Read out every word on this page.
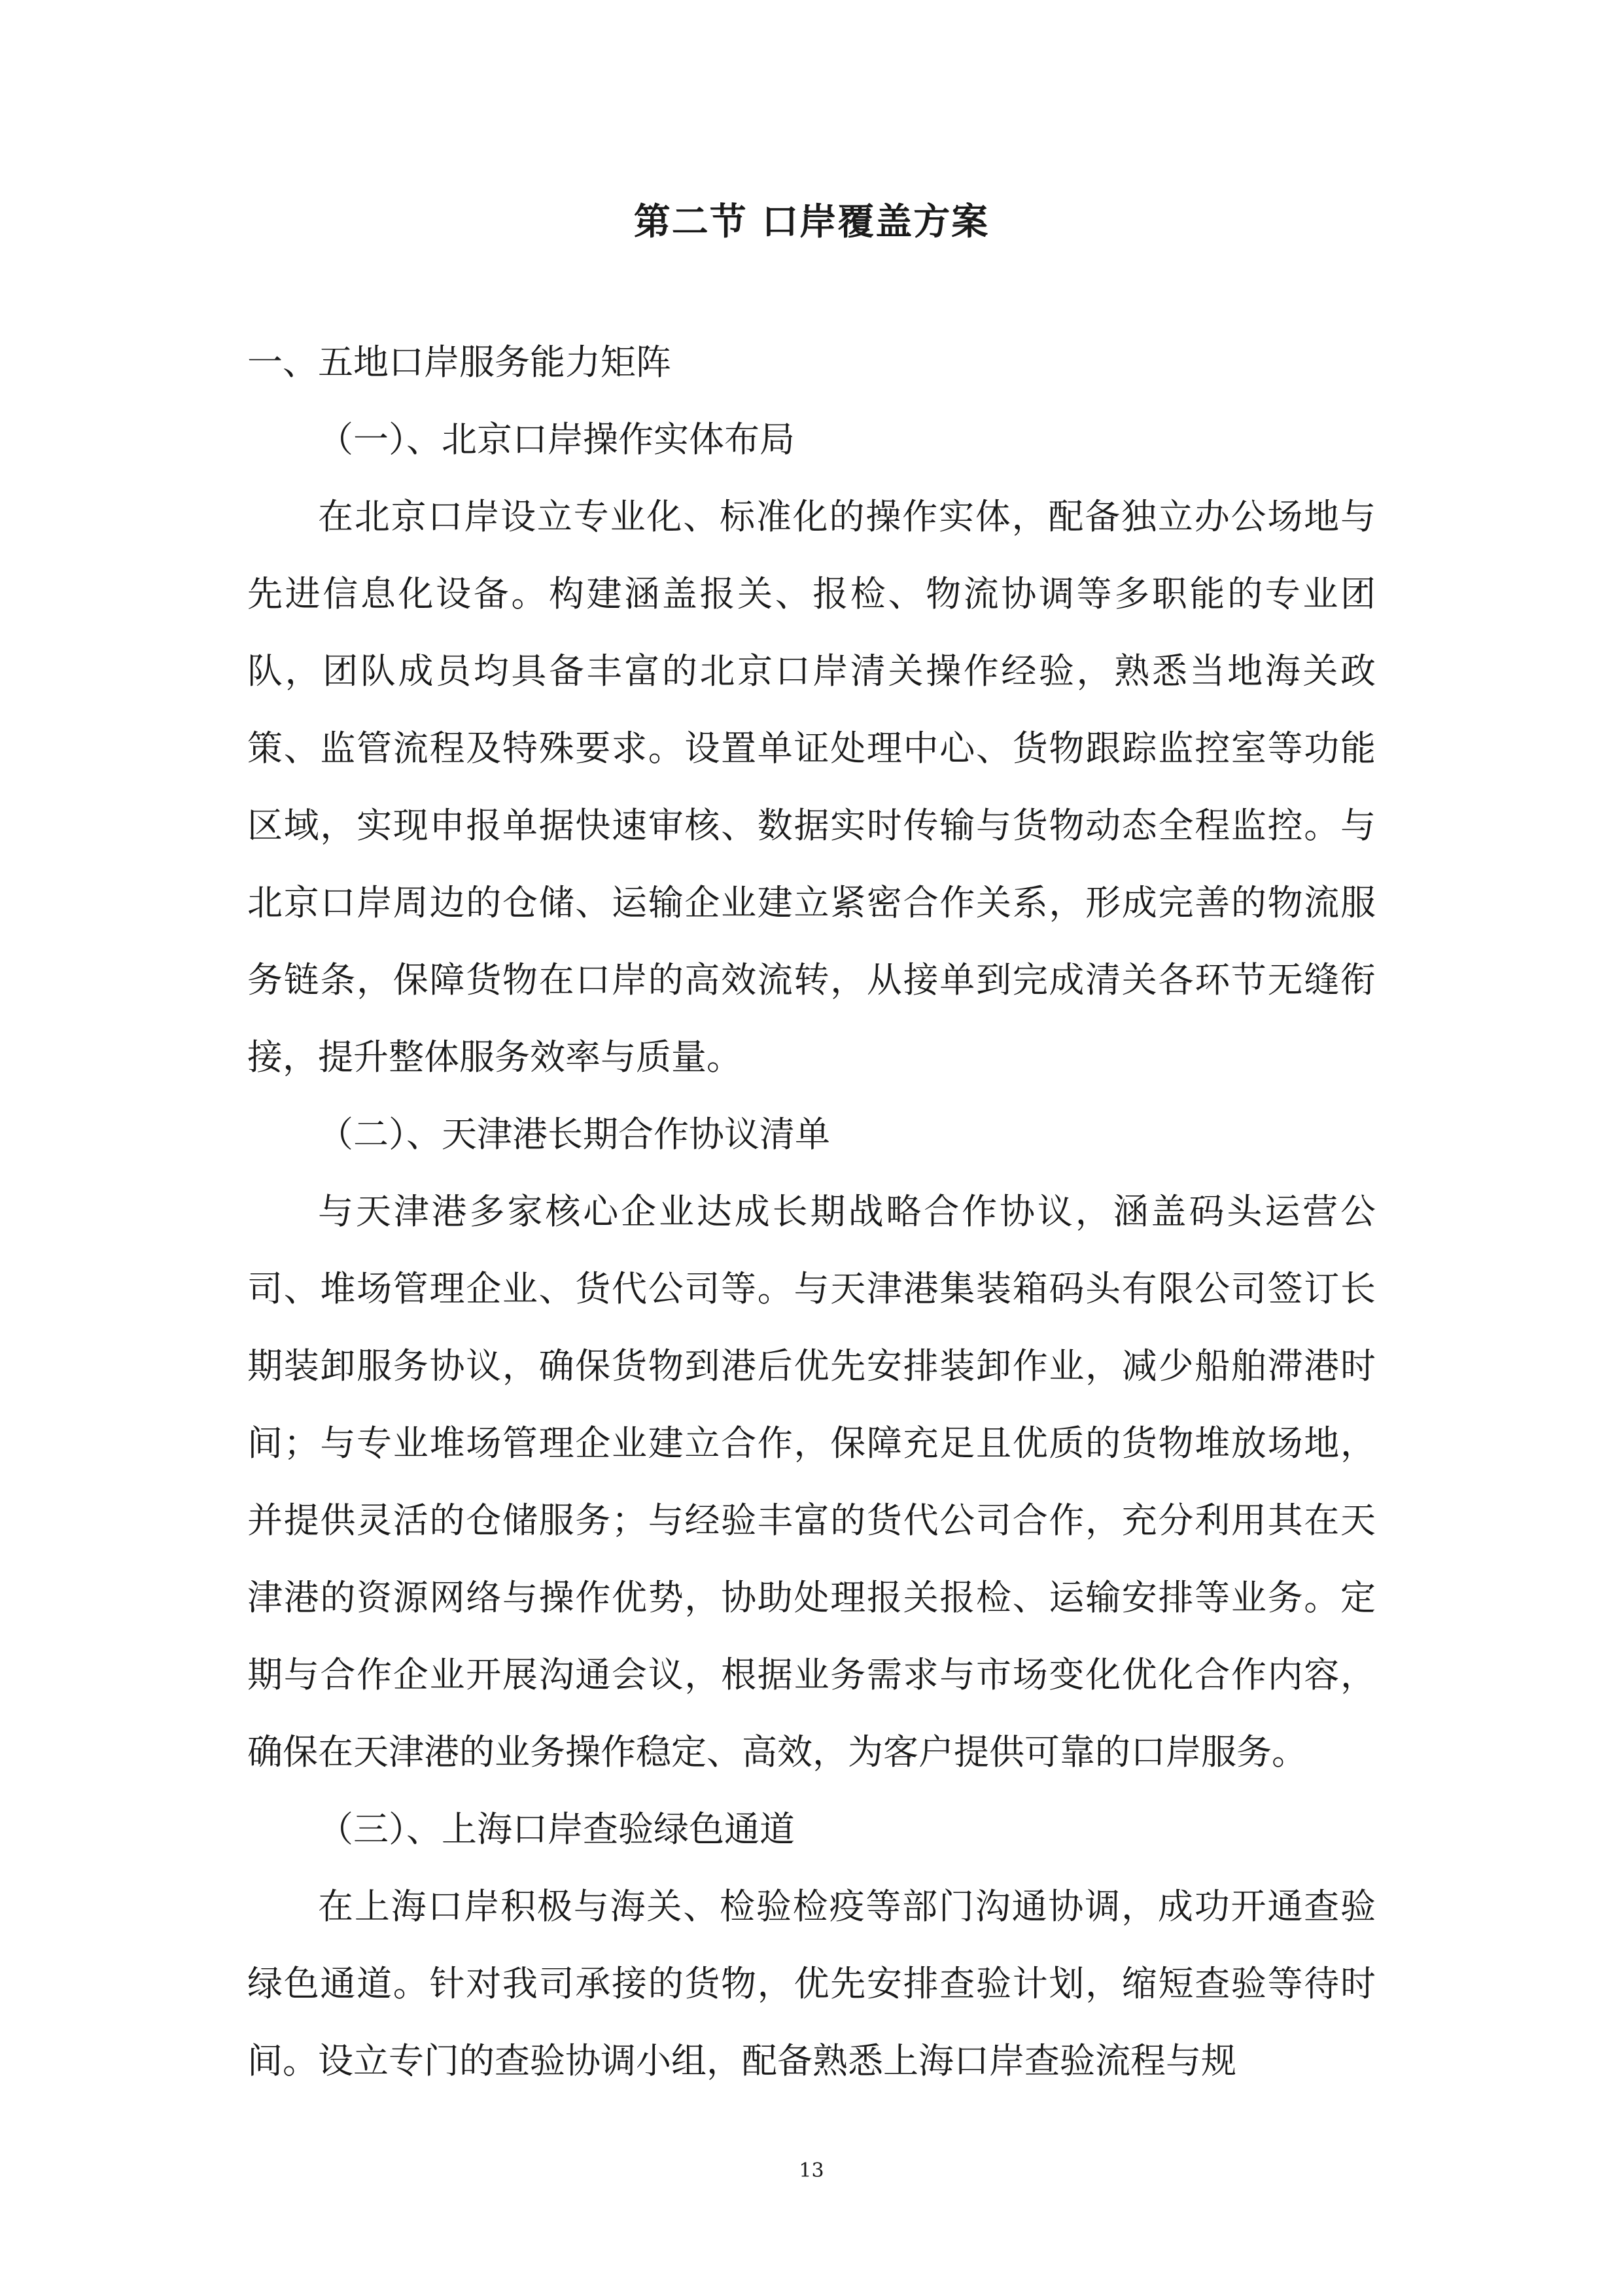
第二节 口岸覆盖方案
一、五地口岸服务能力矩阵
（一）、北京口岸操作实体布局

在北京口岸设立专业化、标准化的操作实体，配备独立办公场地与先进信息化设备。构建涵盖报关、报检、物流协调等多职能的专业团队，团队成员均具备丰富的北京口岸清关操作经验，熟悉当地海关政策、监管流程及特殊要求。设置单证处理中心、货物跟踪监控室等功能区域，实现申报单据快速审核、数据实时传输与货物动态全程监控。与北京口岸周边的仓储、运输企业建立紧密合作关系，形成完善的物流服务链条，保障货物在口岸的高效流转，从接单到完成清关各环节无缝衔接，提升整体服务效率与质量。

（二）、天津港长期合作协议清单

与天津港多家核心企业达成长期战略合作协议，涵盖码头运营公司、堆场管理企业、货代公司等。与天津港集装箱码头有限公司签订长期装卸服务协议，确保货物到港后优先安排装卸作业，减少船舶滞港时间；与专业堆场管理企业建立合作，保障充足且优质的货物堆放场地，并提供灵活的仓储服务；与经验丰富的货代公司合作，充分利用其在天津港的资源网络与操作优势，协助处理报关报检、运输安排等业务。定期与合作企业开展沟通会议，根据业务需求与市场变化优化合作内容，确保在天津港的业务操作稳定、高效，为客户提供可靠的口岸服务。

（三）、上海口岸查验绿色通道

在上海口岸积极与海关、检验检疫等部门沟通协调，成功开通查验绿色通道。针对我司承接的货物，优先安排查验计划，缩短查验等待时间。设立专门的查验协调小组，配备熟悉上海口岸查验流程与规

13
